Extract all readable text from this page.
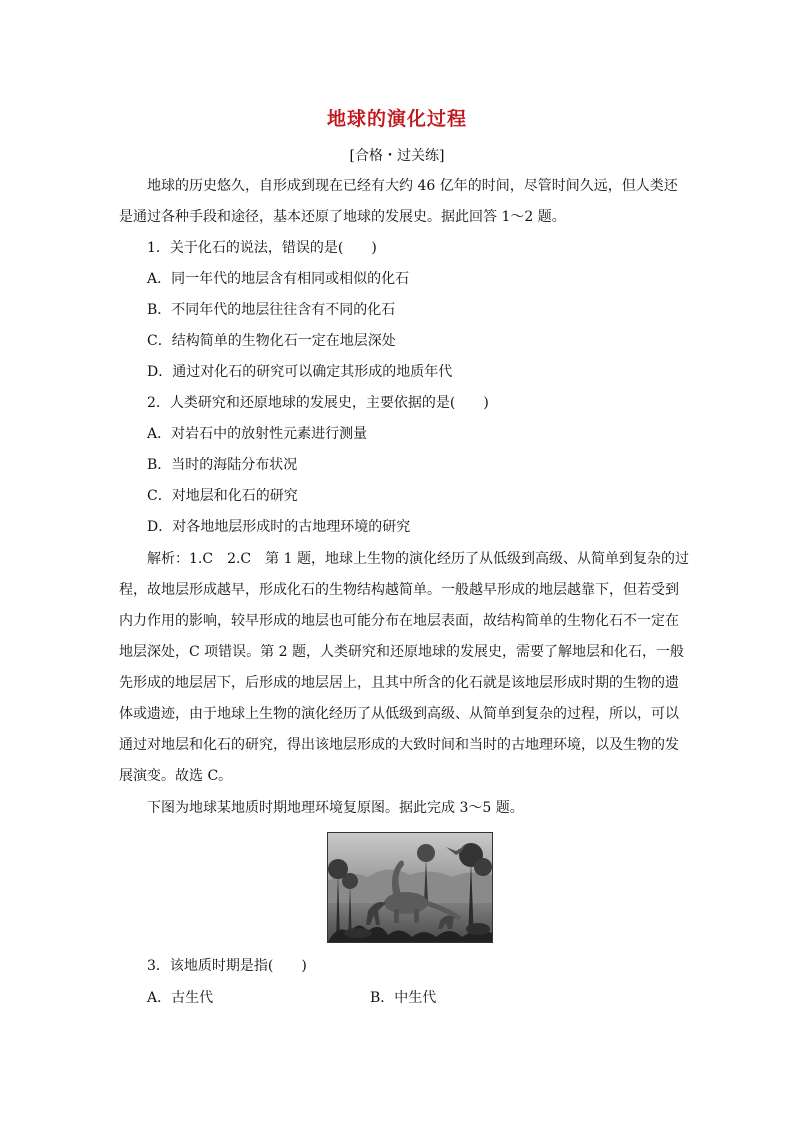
地球的演化过程
[合格・过关练]
地球的历史悠久，自形成到现在已经有大约 46 亿年的时间，尽管时间久远，但人类还
是通过各种手段和途径，基本还原了地球的发展史。据此回答 1～2 题。
1．关于化石的说法，错误的是(　　)
A．同一年代的地层含有相同或相似的化石
B．不同年代的地层往往含有不同的化石
C．结构简单的生物化石一定在地层深处
D．通过对化石的研究可以确定其形成的地质年代
2．人类研究和还原地球的发展史，主要依据的是(　　)
A．对岩石中的放射性元素进行测量
B．当时的海陆分布状况
C．对地层和化石的研究
D．对各地地层形成时的古地理环境的研究
解析：1.C　2.C　第 1 题，地球上生物的演化经历了从低级到高级、从简单到复杂的过
程，故地层形成越早，形成化石的生物结构越简单。一般越早形成的地层越靠下，但若受到
内力作用的影响，较早形成的地层也可能分布在地层表面，故结构简单的生物化石不一定在
地层深处，C 项错误。第 2 题，人类研究和还原地球的发展史，需要了解地层和化石，一般
先形成的地层居下，后形成的地层居上，且其中所含的化石就是该地层形成时期的生物的遗
体或遗迹，由于地球上生物的演化经历了从低级到高级、从简单到复杂的过程，所以，可以
通过对地层和化石的研究，得出该地层形成的大致时间和当时的古地理环境，以及生物的发
展演变。故选 C。
下图为地球某地质时期地理环境复原图。据此完成 3～5 题。
3．该地质时期是指(　　)
A．古生代	B．中生代
